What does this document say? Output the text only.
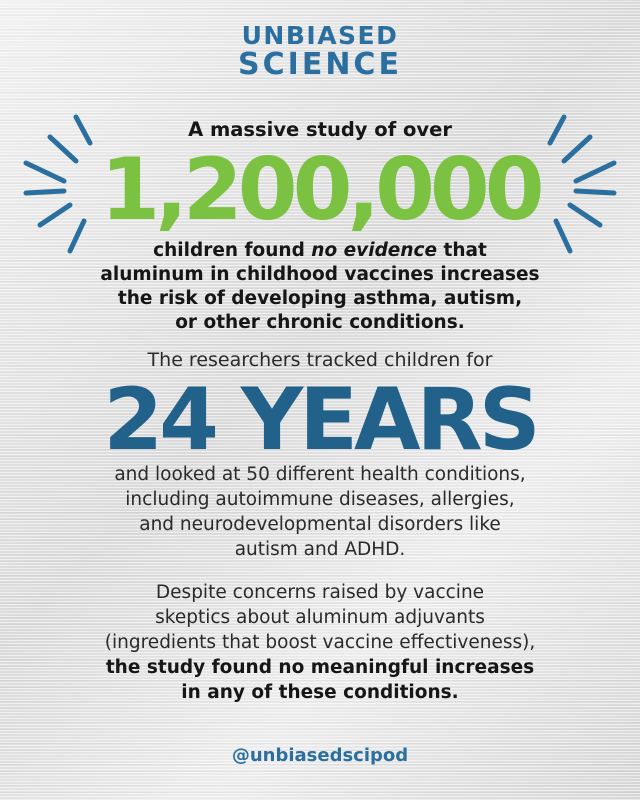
UNBIASED
SCIENCE

A massive study of over

1,200,000

children found no evidence that
aluminum in childhood vaccines increases
the risk of developing asthma, autism,
or other chronic conditions.

The researchers tracked children for

24 YEARS

and looked at 50 different health conditions,
including autoimmune diseases, allergies,
and neurodevelopmental disorders like
autism and ADHD.

Despite concerns raised by vaccine
skeptics about aluminum adjuvants
(ingredients that boost vaccine effectiveness),
the study found no meaningful increases
in any of these conditions.

@unbiasedscipod
